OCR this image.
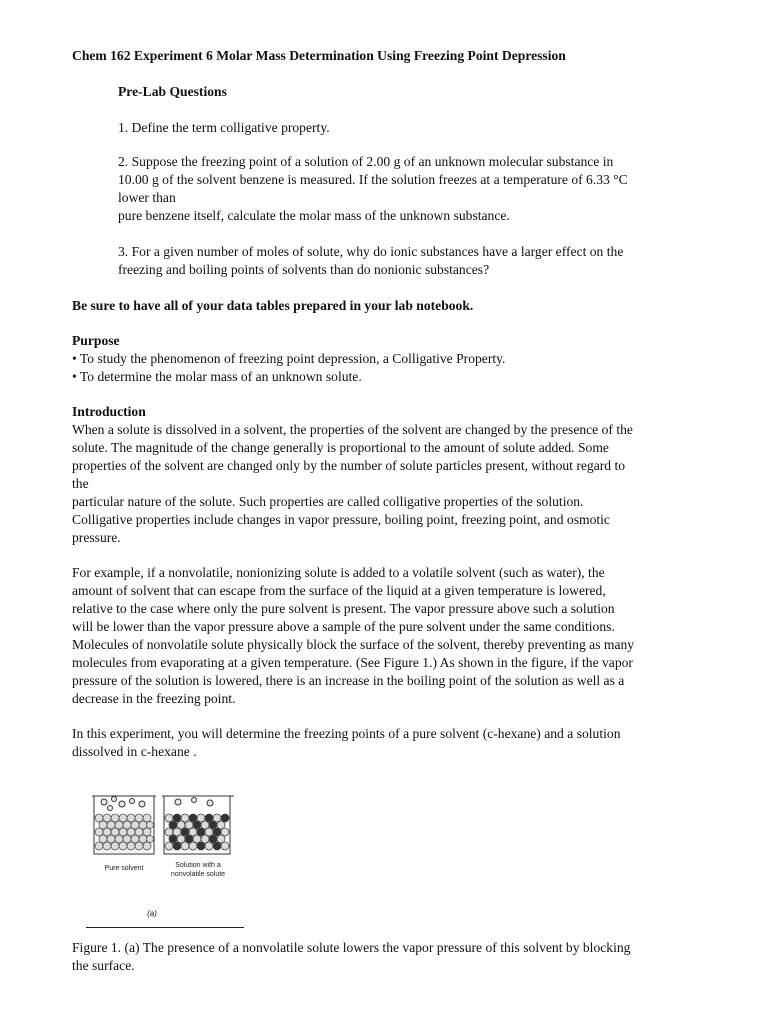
Chem 162 Experiment 6 Molar Mass Determination Using Freezing Point Depression

Pre-Lab Questions

1. Define the term colligative property.

2. Suppose the freezing point of a solution of 2.00 g of an unknown molecular substance in
10.00 g of the solvent benzene is measured. If the solution freezes at a temperature of 6.33 °C
lower than
pure benzene itself, calculate the molar mass of the unknown substance.

3. For a given number of moles of solute, why do ionic substances have a larger effect on the
freezing and boiling points of solvents than do nonionic substances?

Be sure to have all of your data tables prepared in your lab notebook.

Purpose

• To study the phenomenon of freezing point depression, a Colligative Property.
• To determine the molar mass of an unknown solute.

Introduction

When a solute is dissolved in a solvent, the properties of the solvent are changed by the presence of the
solute. The magnitude of the change generally is proportional to the amount of solute added. Some
properties of the solvent are changed only by the number of solute particles present, without regard to
the
particular nature of the solute. Such properties are called colligative properties of the solution.
Colligative properties include changes in vapor pressure, boiling point, freezing point, and osmotic
pressure.

For example, if a nonvolatile, nonionizing solute is added to a volatile solvent (such as water), the
amount of solvent that can escape from the surface of the liquid at a given temperature is lowered,
relative to the case where only the pure solvent is present. The vapor pressure above such a solution
will be lower than the vapor pressure above a sample of the pure solvent under the same conditions.
Molecules of nonvolatile solute physically block the surface of the solvent, thereby preventing as many
molecules from evaporating at a given temperature. (See Figure 1.) As shown in the figure, if the vapor
pressure of the solution is lowered, there is an increase in the boiling point of the solution as well as a
decrease in the freezing point.

In this experiment, you will determine the freezing points of a pure solvent (c-hexane) and a solution
dissolved in c-hexane .

Pure solvent	Solution with a
nonvolatile solute
(a)

Figure 1. (a) The presence of a nonvolatile solute lowers the vapor pressure of this solvent by blocking
the surface.
